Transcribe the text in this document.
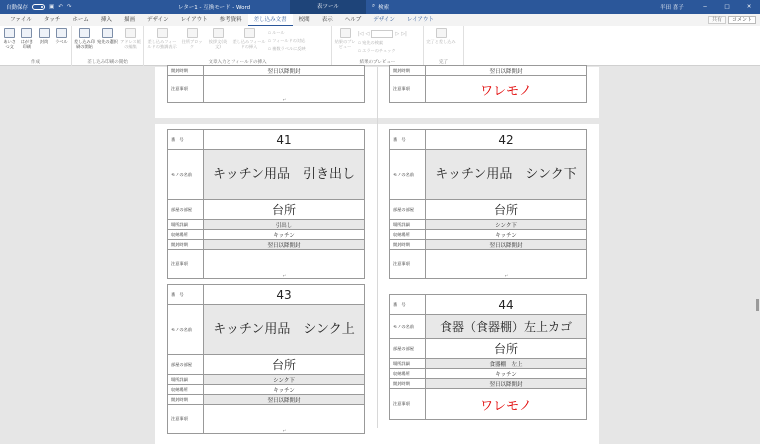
自動保存	▣ ↶ ↷	レター1 - 互換モード - Word	表ツール	⌕ 検索	半田 喜子	─	□	✕
ファイル	タッチ	ホーム	挿入	描画	デザイン	レイアウト	参考資料	差し込み文書	校閲	表示	ヘルプ	デザイン	レイアウト	共有	コメント
あいさつ文
はがき印刷
封筒 ラベル
作成
差し込み印刷の開始
宛先の選択 アドレス帳の編集
差し込み印刷の開始
差し込みフィールドの強調表示
住所ブロック
挨拶文(英文)
差し込みフィールドの挿入
▫ ルール
▫ フィールドの対応
▫ 複数ラベルに反映
文章入力とフィールドの挿入
結果のプレビュー
|◁ ◁	▷ ▷|
▫ 宛先の検索
▫ エラーのチェック
結果のプレビュー
完了と差し込み
完了
開封時期	翌日以降開封
注意事項
↵
開封時期	翌日以降開封
注意事項	ワレモノ
番　号	41
モノの名前	キッチン用品　引き出し
部屋の部屋	台所
場所詳細	引出し
収納場所	キッチン
開封時期	翌日以降開封
注意事項
↵
番　号	42
モノの名前	キッチン用品　シンク下
部屋の部屋	台所
場所詳細	シンク下
収納場所	キッチン
開封時期	翌日以降開封
注意事項
↵
番　号	43
モノの名前	キッチン用品　シンク上
部屋の部屋	台所
場所詳細	シンク下
収納場所	キッチン
開封時期	翌日以降開封
注意事項
↵
番　号	44
モノの名前	食器（食器棚）左上カゴ
部屋の部屋	台所
場所詳細	食器棚　左上
収納場所	キッチン
開封時期	翌日以降開封
注意事項	ワレモノ
